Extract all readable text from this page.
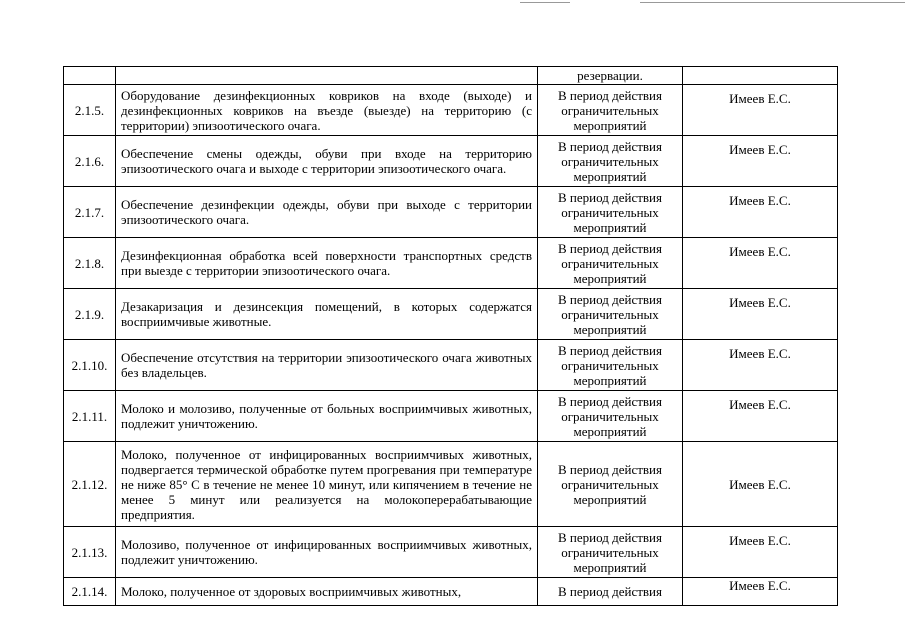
		резервации.	
2.1.5.	Оборудование дезинфекционных ковриков на входе (выходе) и дезинфекционных ковриков на въезде (выезде) на территорию (с территории) эпизоотического очага.	В период действия ограничительных мероприятий	Имеев Е.С.
2.1.6.	Обеспечение смены одежды, обуви при входе на территорию эпизоотического очага и выходе с территории эпизоотического очага.	В период действия ограничительных мероприятий	Имеев Е.С.
2.1.7.	Обеспечение дезинфекции одежды, обуви при выходе с территории эпизоотического очага.	В период действия ограничительных мероприятий	Имеев Е.С.
2.1.8.	Дезинфекционная обработка всей поверхности транспортных средств при выезде с территории эпизоотического очага.	В период действия ограничительных мероприятий	Имеев Е.С.
2.1.9.	Дезакаризация и дезинсекция помещений, в которых содержатся восприимчивые животные.	В период действия ограничительных мероприятий	Имеев Е.С.
2.1.10.	Обеспечение отсутствия на территории эпизоотического очага животных без владельцев.	В период действия ограничительных мероприятий	Имеев Е.С.
2.1.11.	Молоко и молозиво, полученные от больных восприимчивых животных, подлежит уничтожению.	В период действия ограничительных мероприятий	Имеев Е.С.
2.1.12.	Молоко, полученное от инфицированных восприимчивых животных, подвергается термической обработке путем прогревания при температуре не ниже 85° С в течение не менее 10 минут, или кипячением в течение не менее 5 минут или реализуется на молокоперерабатывающие предприятия.	В период действия ограничительных мероприятий	Имеев Е.С.
2.1.13.	Молозиво, полученное от инфицированных восприимчивых животных, подлежит уничтожению.	В период действия ограничительных мероприятий	Имеев Е.С.
2.1.14.	Молоко, полученное от здоровых восприимчивых животных,	В период действия	Имеев Е.С.
